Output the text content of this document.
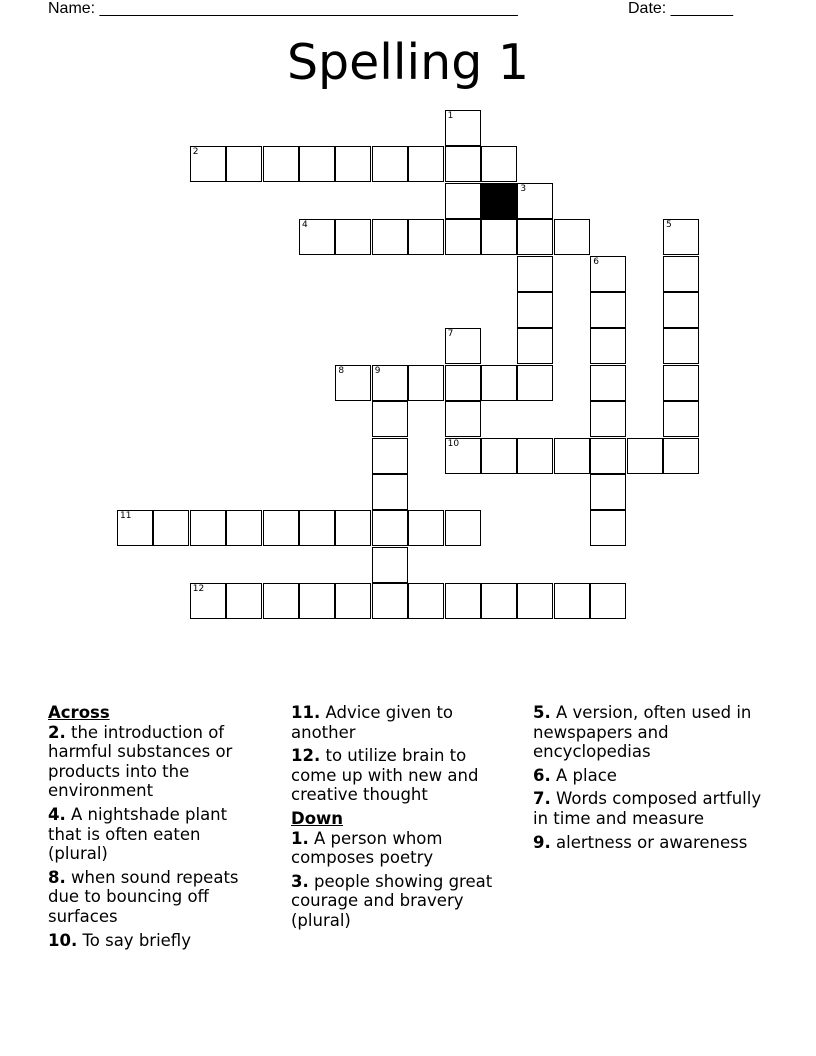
Name: _______________________________________________	Date: _______
Spelling 1
1
2
3
4	5
6
7
10
8	9
11
12
Across
2. the introduction of harmful substances or products into the environment
4. A nightshade plant that is often eaten (plural)
8. when sound repeats due to bouncing off surfaces
10. To say briefly
11. Advice given to another
12. to utilize brain to come up with new and creative thought
Down
1. A person whom composes poetry
3. people showing great courage and bravery (plural)
5. A version, often used in newspapers and encyclopedias
6. A place
7. Words composed artfully in time and measure
9. alertness or awareness
